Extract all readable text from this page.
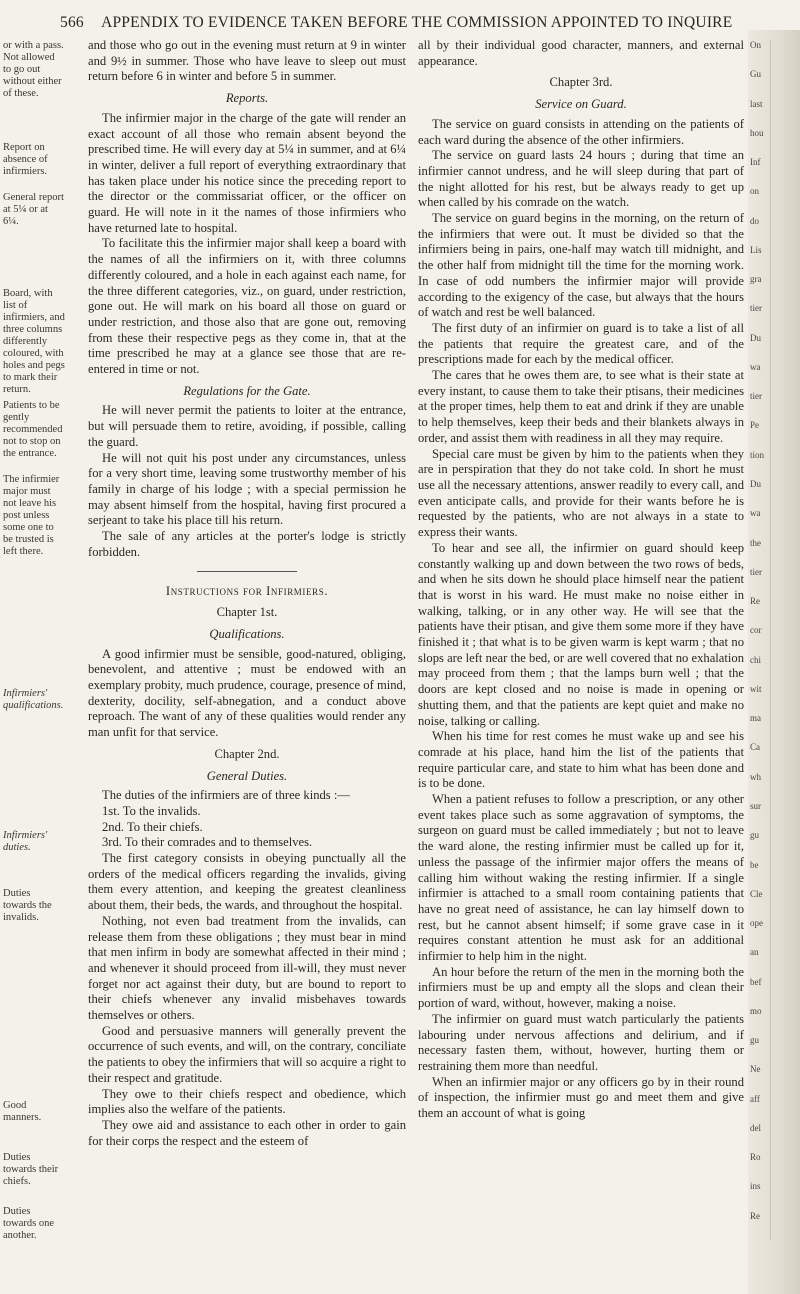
566 APPENDIX TO EVIDENCE TAKEN BEFORE THE COMMISSION APPOINTED TO INQUIRE
or with a pass. Not allowed to go out without either of these.
Report on absence of infirmiers.
General report at 5¼ or at 6¼.
Board, with list of infirmiers, and three columns differently coloured, with holes and pegs to mark their return.
Patients to be gently recommended not to stop on the entrance.
The infirmier major must not leave his post unless some one to be trusted is left there.
Infirmiers' qualifications.
Infirmiers' duties.
Duties towards the invalids.
Good manners.
Duties towards their chiefs.
Duties towards one another.

and those who go out in the evening must return at 9 in winter and 9½ in summer. Those who have leave to sleep out must return before 6 in winter and before 5 in summer.

Reports.

The infirmier major in the charge of the gate will render an exact account of all those who remain absent beyond the prescribed time. He will every day at 5¼ in summer, and at 6¼ in winter, deliver a full report of everything extraordinary that has taken place under his notice since the preceding report to the director or the commissariat officer, or the officer on guard. He will note in it the names of those infirmiers who have returned late to hospital.

To facilitate this the infirmier major shall keep a board with the names of all the infirmiers on it, with three columns differently coloured, and a hole in each against each name, for the three different categories, viz., on guard, under restriction, gone out. He will mark on his board all those on guard or under restriction, and those also that are gone out, removing from these their respective pegs as they come in, that at the time prescribed he may at a glance see those that are re-entered in time or not.

Regulations for the Gate.

He will never permit the patients to loiter at the entrance, but will persuade them to retire, avoiding, if possible, calling the guard.

He will not quit his post under any circumstances, unless for a very short time, leaving some trustworthy member of his family in charge of his lodge ; with a special permission he may absent himself from the hospital, having first procured a serjeant to take his place till his return.

The sale of any articles at the porter's lodge is strictly forbidden.

Instructions for Infirmiers.
Chapter 1st.
Qualifications.

A good infirmier must be sensible, good-natured, obliging, benevolent, and attentive ; must be endowed with an exemplary probity, much prudence, courage, presence of mind, dexterity, docility, self-abnegation, and a conduct above reproach. The want of any of these qualities would render any man unfit for that service.

Chapter 2nd.
General Duties.

The duties of the infirmiers are of three kinds :—

1st. To the invalids.

2nd. To their chiefs.

3rd. To their comrades and to themselves.

The first category consists in obeying punctually all the orders of the medical officers regarding the invalids, giving them every attention, and keeping the greatest cleanliness about them, their beds, the wards, and throughout the hospital.

Nothing, not even bad treatment from the invalids, can release them from these obligations ; they must bear in mind that men infirm in body are somewhat affected in their mind ; and whenever it should proceed from ill-will, they must never forget nor act against their duty, but are bound to report to their chiefs whenever any invalid misbehaves towards themselves or others.

Good and persuasive manners will generally prevent the occurrence of such events, and will, on the contrary, conciliate the patients to obey the infirmiers that will so acquire a right to their respect and gratitude.

They owe to their chiefs respect and obedience, which implies also the welfare of the patients.

They owe aid and assistance to each other in order to gain for their corps the respect and the esteem of

all by their individual good character, manners, and external appearance.

Chapter 3rd.
Service on Guard.

The service on guard consists in attending on the patients of each ward during the absence of the other infirmiers.

The service on guard lasts 24 hours ; during that time an infirmier cannot undress, and he will sleep during that part of the night allotted for his rest, but be always ready to get up when called by his comrade on the watch.

The service on guard begins in the morning, on the return of the infirmiers that were out. It must be divided so that the infirmiers being in pairs, one-half may watch till midnight, and the other half from midnight till the time for the morning work. In case of odd numbers the infirmier major will provide according to the exigency of the case, but always that the hours of watch and rest be well balanced.

The first duty of an infirmier on guard is to take a list of all the patients that require the greatest care, and of the prescriptions made for each by the medical officer.

The cares that he owes them are, to see what is their state at every instant, to cause them to take their ptisans, their medicines at the proper times, help them to eat and drink if they are unable to help themselves, keep their beds and their blankets always in order, and assist them with readiness in all they may require.

Special care must be given by him to the patients when they are in perspiration that they do not take cold. In short he must use all the necessary attentions, answer readily to every call, and even anticipate calls, and provide for their wants before he is requested by the patients, who are not always in a state to express their wants.

To hear and see all, the infirmier on guard should keep constantly walking up and down between the two rows of beds, and when he sits down he should place himself near the patient that is worst in his ward. He must make no noise either in walking, talking, or in any other way. He will see that the patients have their ptisan, and give them some more if they have finished it ; that what is to be given warm is kept warm ; that no slops are left near the bed, or are well covered that no exhalation may proceed from them ; that the lamps burn well ; that the doors are kept closed and no noise is made in opening or shutting them, and that the patients are kept quiet and make no noise, talking or calling.

When his time for rest comes he must wake up and see his comrade at his place, hand him the list of the patients that require particular care, and state to him what has been done and is to be done.

When a patient refuses to follow a prescription, or any other event takes place such as some aggravation of symptoms, the surgeon on guard must be called immediately ; but not to leave the ward alone, the resting infirmier must be called up for it, unless the passage of the infirmier major offers the means of calling him without waking the resting infirmier. If a single infirmier is attached to a small room containing patients that have no great need of assistance, he can lay himself down to rest, but he cannot absent himself; if some grave case in it requires constant attention he must ask for an additional infirmier to help him in the night.

An hour before the return of the men in the morning both the infirmiers must be up and empty all the slops and clean their portion of ward, without, however, making a noise.

The infirmier on guard must watch particularly the patients labouring under nervous affections and delirium, and if necessary fasten them, without, however, hurting them or restraining them more than needful.

When an infirmier major or any officers go by in their round of inspection, the infirmier must go and meet them and give them an account of what is going

On
Gu
last
hou
Inf
on
do
Lis
gra
tier
Du
wa
tier
Pe
tion
Du
wa
the
tier
Re
cor
chi
wit
ma
Ca
wh
sur
gu
be
Cle
ope
an
bef
mo
gu
Ne
aff
del
Ro
ins
Re
